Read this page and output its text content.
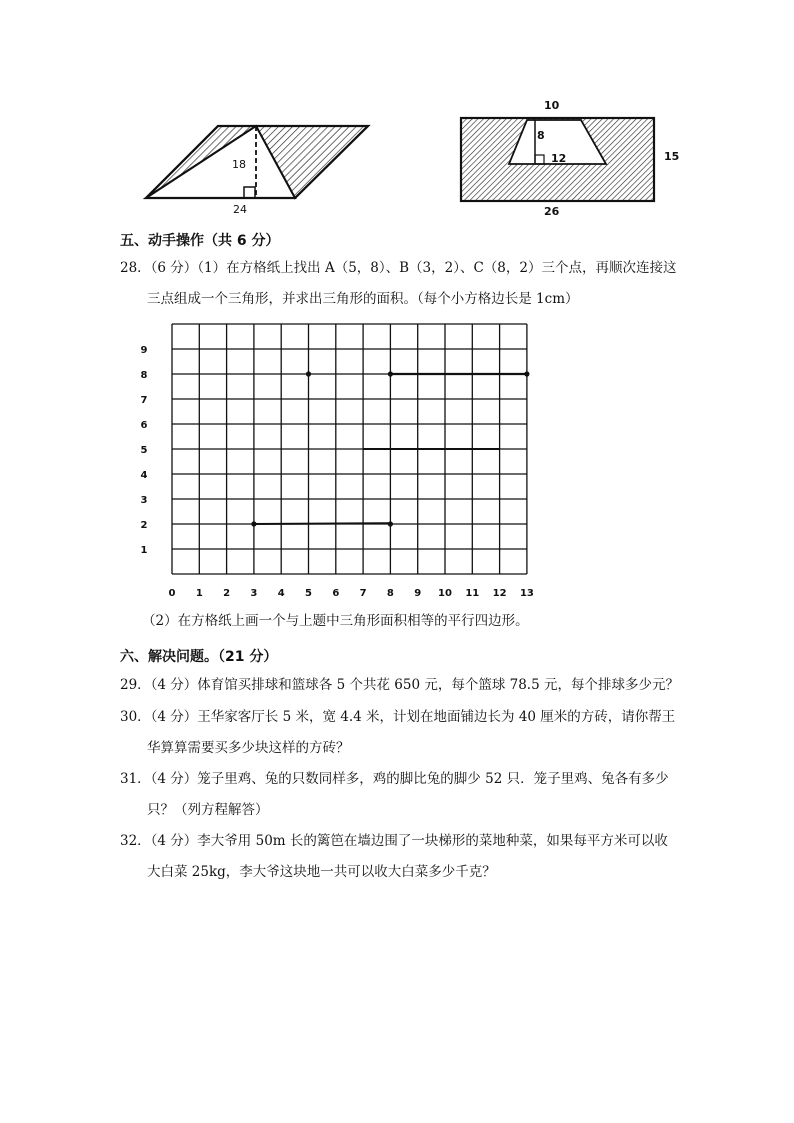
18
24
10
8
12	15
26
五、动手操作（共 6 分）
28．（6 分）（1）在方格纸上找出 A（5，8）、B（3，2）、C（8，2）三个点，再顺次连接这
三点组成一个三角形，并求出三角形的面积。（每个小方格边长是 1cm）
0 1 2 3 4 5 6 7 8 9 10 11 12 13
1
2
3
4
5
6
7
8
9
（2）在方格纸上画一个与上题中三角形面积相等的平行四边形。
六、解决问题。（21 分）
29．（4 分）体育馆买排球和篮球各 5 个共花 650 元，每个篮球 78.5 元，每个排球多少元？
30．（4 分）王华家客厅长 5 米，宽 4.4 米，计划在地面铺边长为 40 厘米的方砖，请你帮王
华算算需要买多少块这样的方砖？
31．（4 分）笼子里鸡、兔的只数同样多，鸡的脚比兔的脚少 52 只．笼子里鸡、兔各有多少
只？（列方程解答）
32．（4 分）李大爷用 50m 长的篱笆在墙边围了一块梯形的菜地种菜，如果每平方米可以收
大白菜 25kg，李大爷这块地一共可以收大白菜多少千克？
